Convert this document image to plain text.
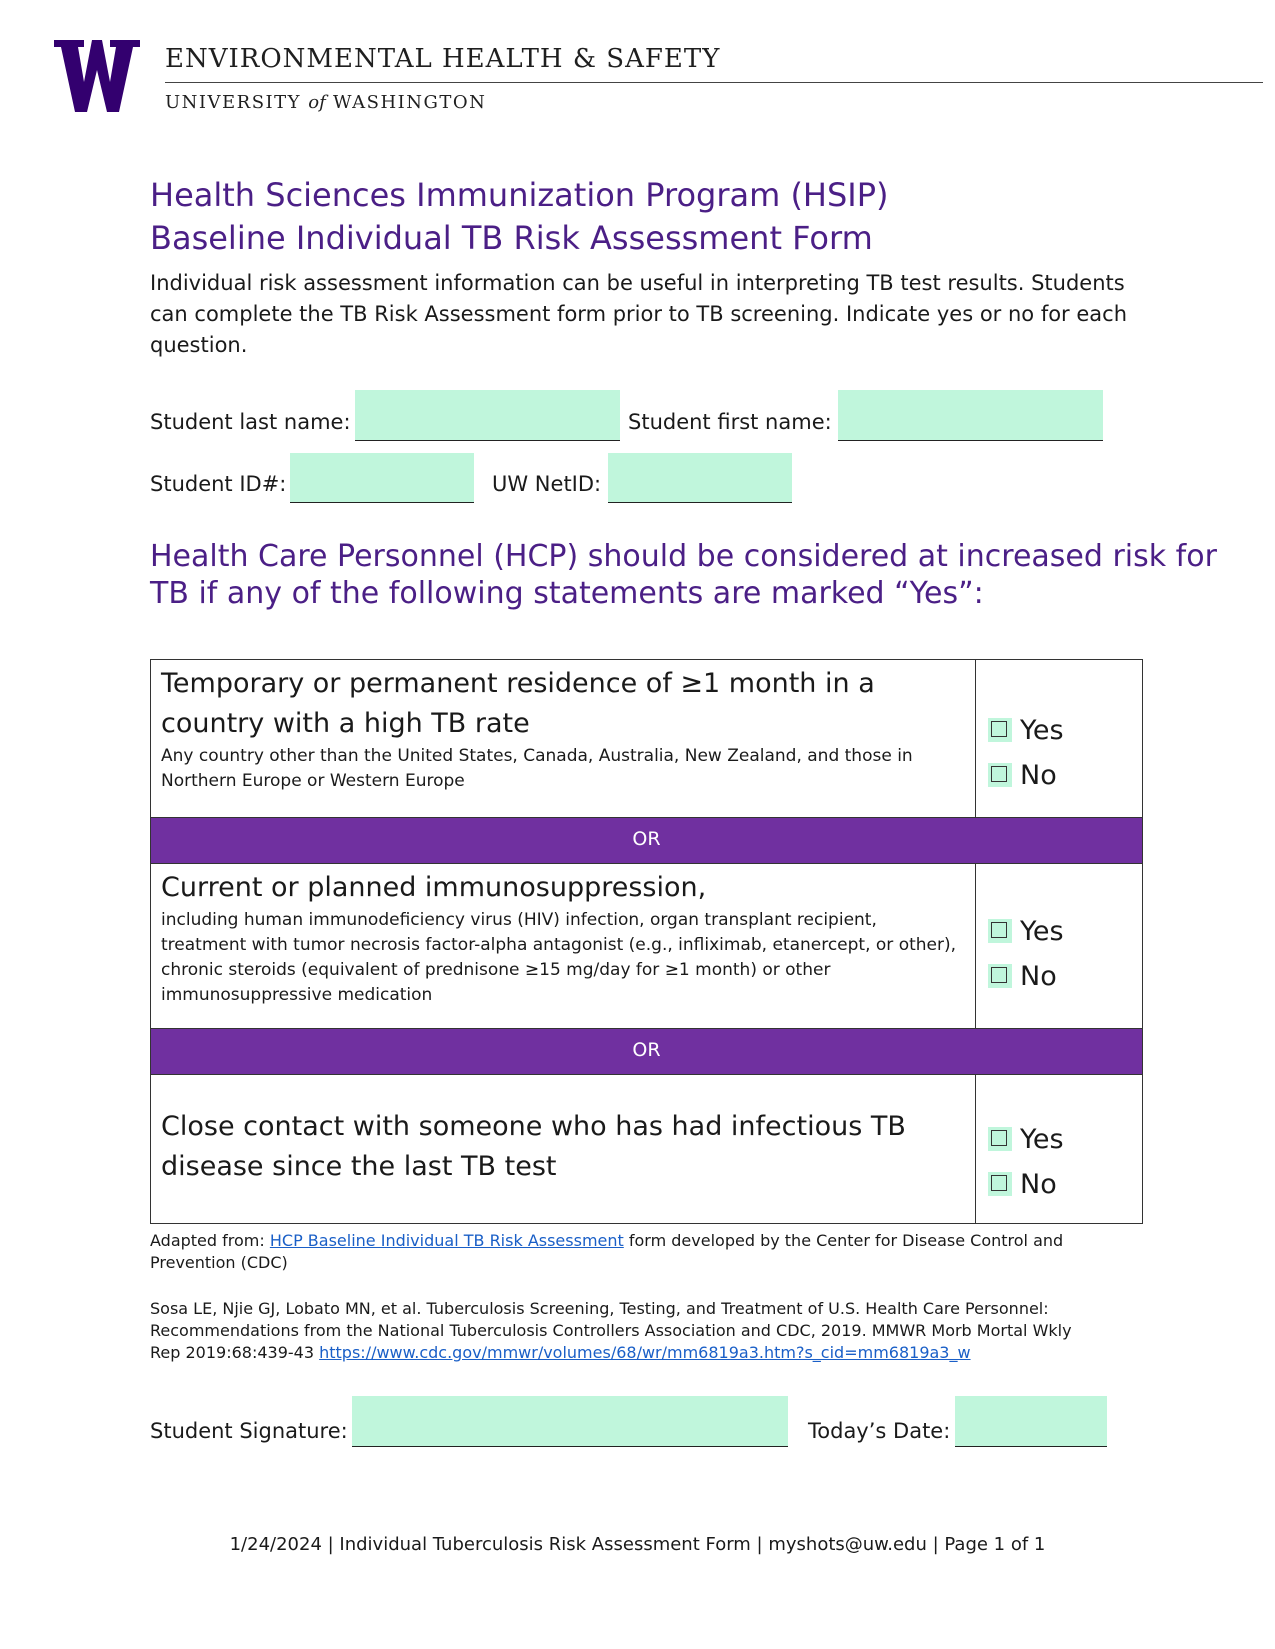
ENVIRONMENTAL HEALTH & SAFETY
UNIVERSITY of WASHINGTON
Health Sciences Immunization Program (HSIP)
Baseline Individual TB Risk Assessment Form
Individual risk assessment information can be useful in interpreting TB test results. Students can complete the TB Risk Assessment form prior to TB screening. Indicate yes or no for each question.
Student last name:	Student first name:
Student ID#:	UW NetID:
Health Care Personnel (HCP) should be considered at increased risk for
TB if any of the following statements are marked “Yes”:
Temporary or permanent residence of ≥1 month in a country with a high TB rate
Any country other than the United States, Canada, Australia, New Zealand, and those in Northern Europe or Western Europe
Yes
No
OR
Current or planned immunosuppression,
including human immunodeficiency virus (HIV) infection, organ transplant recipient, treatment with tumor necrosis factor-alpha antagonist (e.g., infliximab, etanercept, or other), chronic steroids (equivalent of prednisone ≥15 mg/day for ≥1 month) or other immunosuppressive medication
Yes
No
OR
Close contact with someone who has had infectious TB disease since the last TB test
Yes
No
Adapted from: HCP Baseline Individual TB Risk Assessment form developed by the Center for Disease Control and Prevention (CDC)
Sosa LE, Njie GJ, Lobato MN, et al. Tuberculosis Screening, Testing, and Treatment of U.S. Health Care Personnel: Recommendations from the National Tuberculosis Controllers Association and CDC, 2019. MMWR Morb Mortal Wkly Rep 2019:68:439-43 https://www.cdc.gov/mmwr/volumes/68/wr/mm6819a3.htm?s_cid=mm6819a3_w
Student Signature:	Today’s Date:
1/24/2024 | Individual Tuberculosis Risk Assessment Form | myshots@uw.edu | Page 1 of 1
